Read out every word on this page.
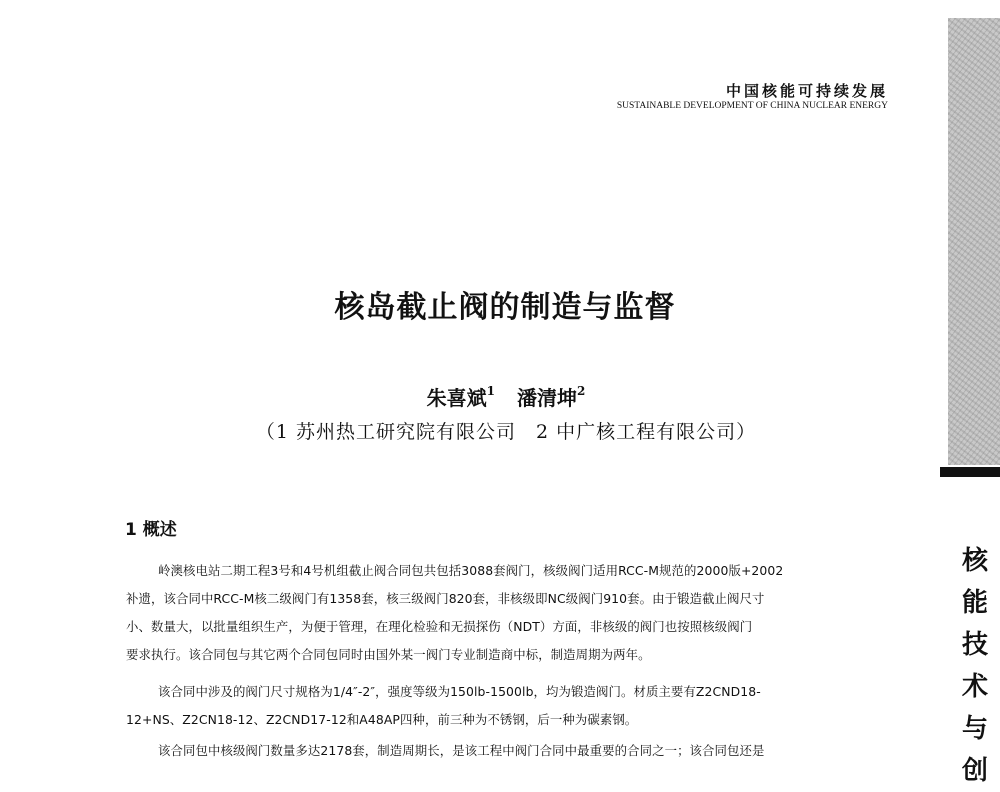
中国核能可持续发展
SUSTAINABLE DEVELOPMENT OF CHINA NUCLEAR ENERGY
核岛截止阀的制造与监督
朱喜斌$^1$ 潘清坤$^2$
（1 苏州热工研究院有限公司 2 中广核工程有限公司）
1 概述
岭澳核电站二期工程3号和4号机组截止阀合同包共包括3088套阀门，核级阀门适用RCC-M规范的2000版+2002
补遗，该合同中RCC-M核二级阀门有1358套，核三级阀门820套，非核级即NC级阀门910套。由于锻造截止阀尺寸
小、数量大，以批量组织生产，为便于管理，在理化检验和无损探伤（NDT）方面，非核级的阀门也按照核级阀门
要求执行。该合同包与其它两个合同包同时由国外某一阀门专业制造商中标，制造周期为两年。
该合同中涉及的阀门尺寸规格为1/4″-2″，强度等级为150lb-1500lb，均为锻造阀门。材质主要有Z2CND18-
12+NS、Z2CN18-12、Z2CND17-12和A48AP四种，前三种为不锈钢，后一种为碳素钢。
该合同包中核级阀门数量多达2178套，制造周期长，是该工程中阀门合同中最重要的合同之一；该合同包还是
核
能
技
术
与
创
